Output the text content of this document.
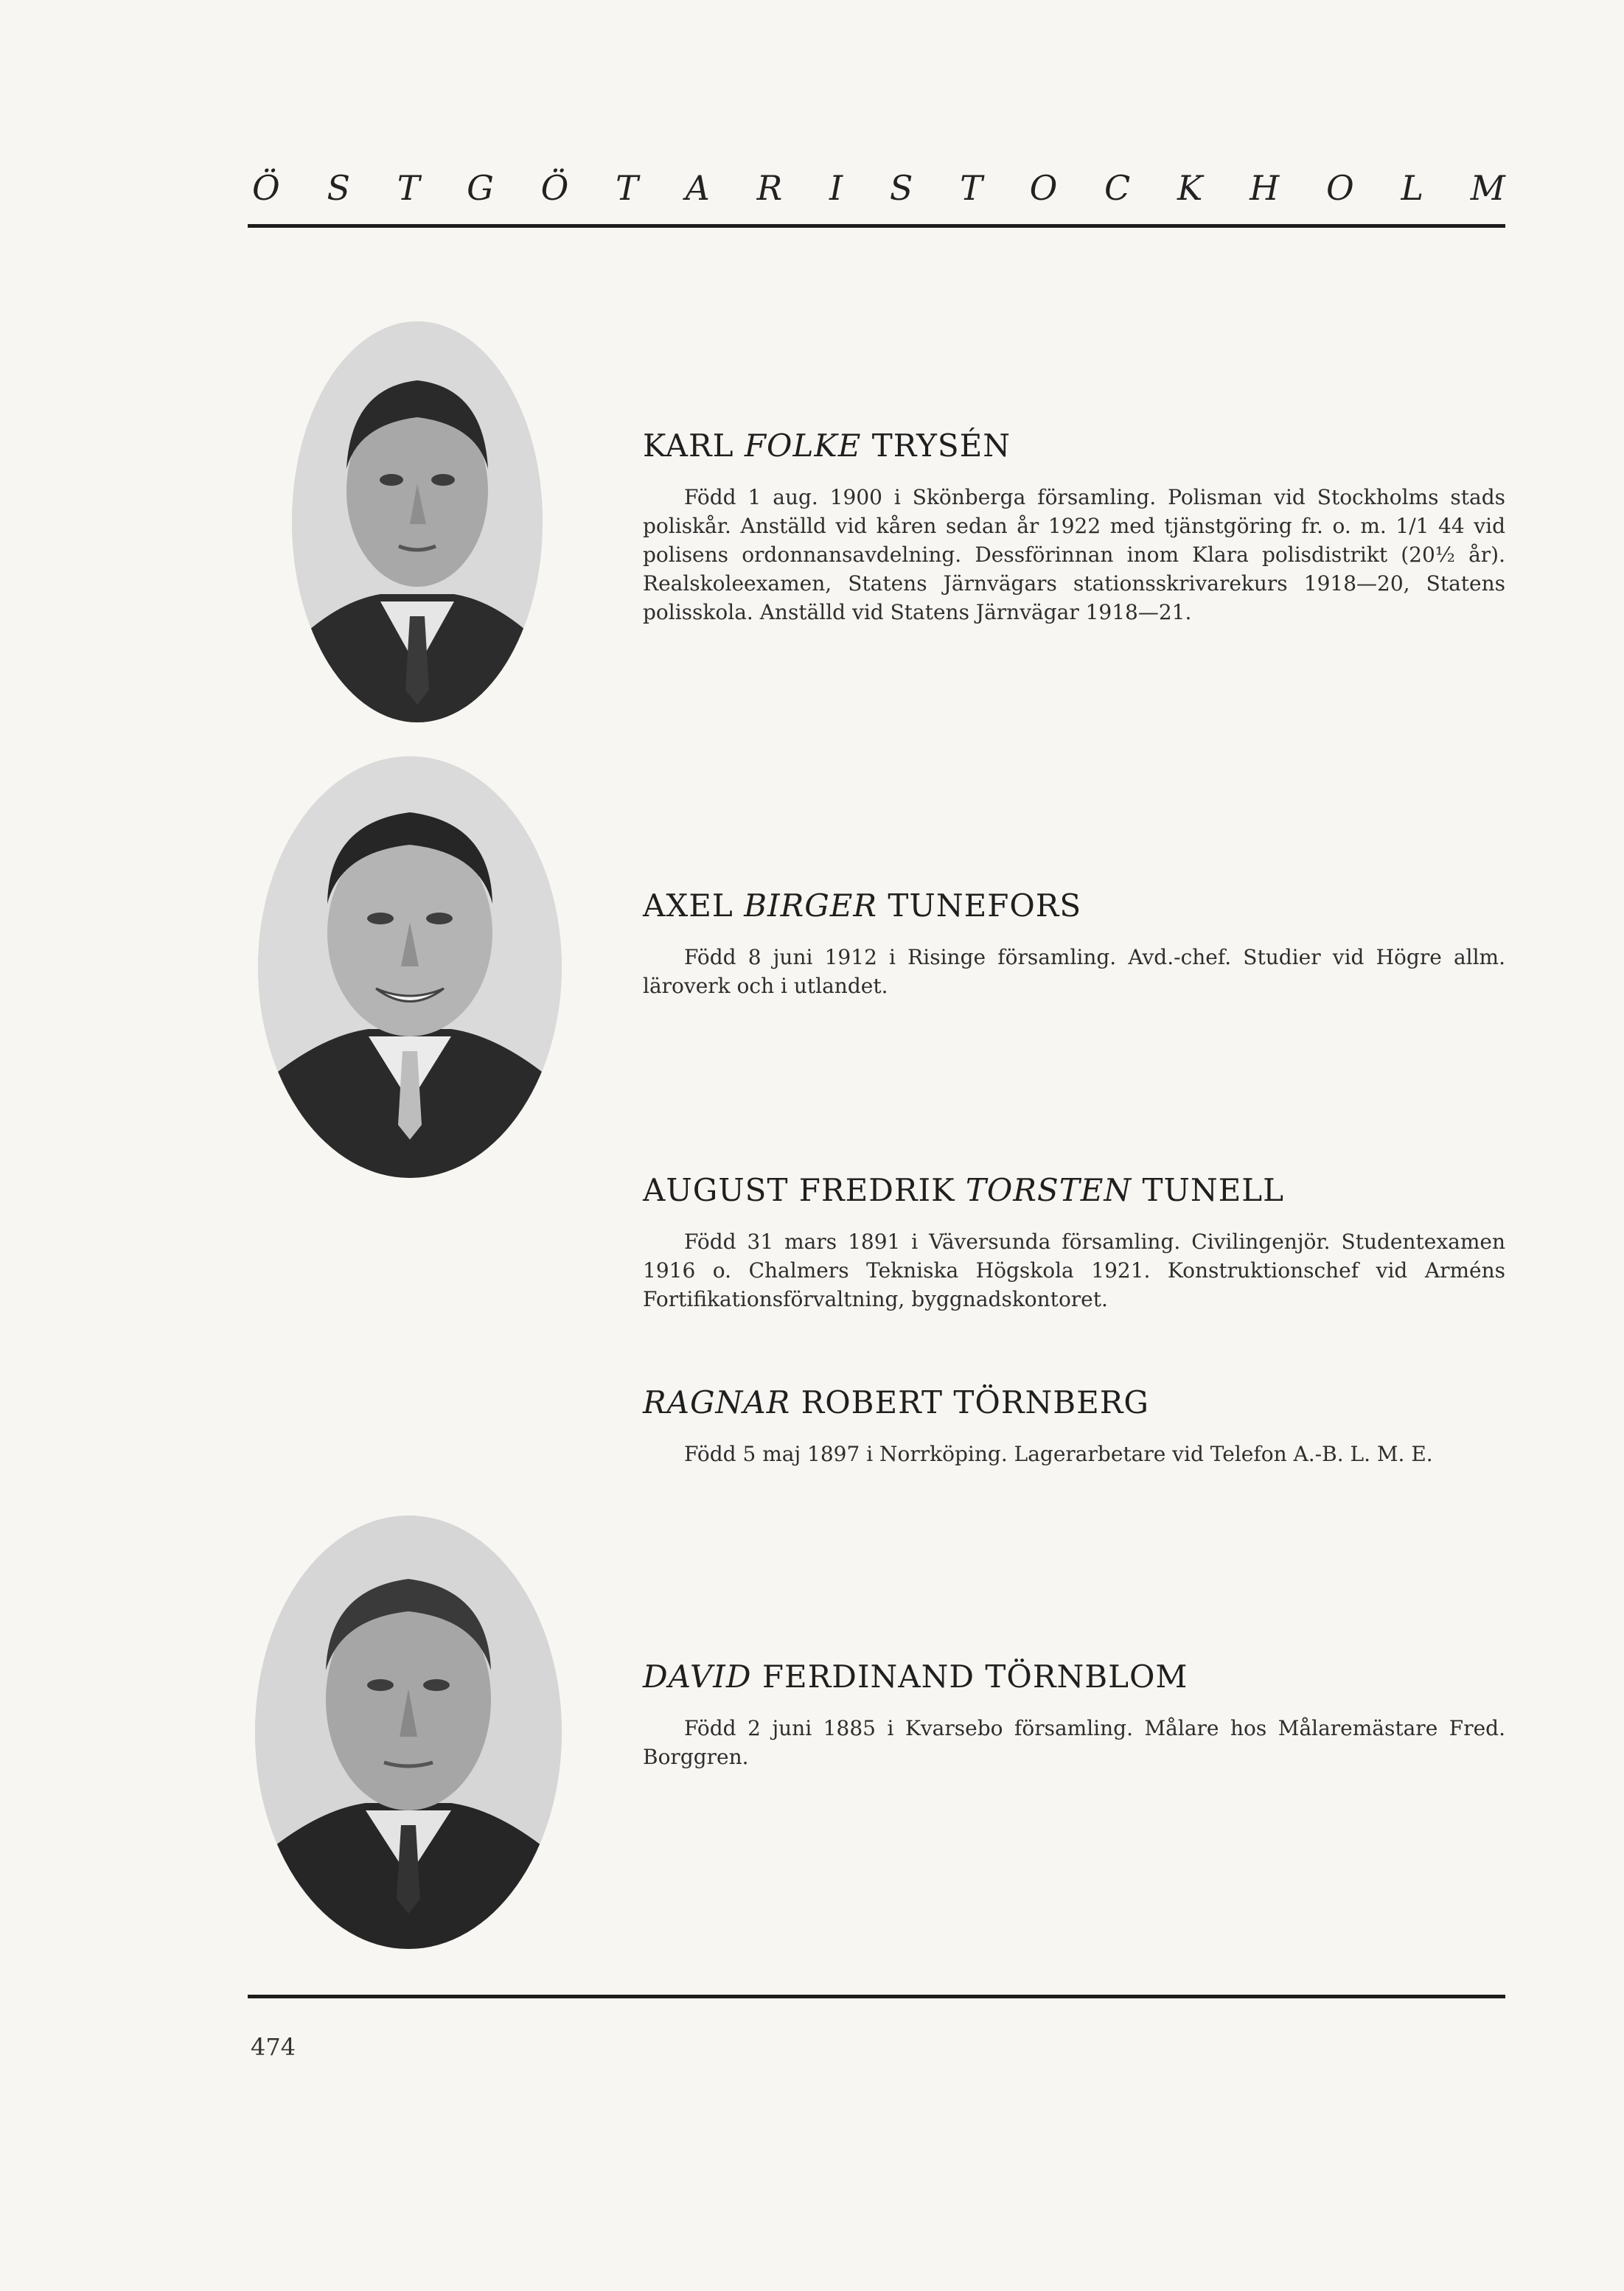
Ö S T G Ö T A R I S T O C K H O L M
KARL FOLKE TRYSÉN
Född 1 aug. 1900 i Skönberga församling. Polisman vid Stockholms stads poliskår. Anställd vid kåren sedan år 1922 med tjänstgöring fr. o. m. 1/1 44 vid polisens ordonnansavdelning. Dessförinnan inom Klara polisdistrikt (20½ år). Realskoleexamen, Statens Järnvägars stationsskrivarekurs 1918—20, Statens polisskola. Anställd vid Statens Järnvägar 1918—21.
AXEL BIRGER TUNEFORS
Född 8 juni 1912 i Risinge församling. Avd.-chef. Studier vid Högre allm. läroverk och i utlandet.
AUGUST FREDRIK TORSTEN TUNELL
Född 31 mars 1891 i Väversunda församling. Civilingenjör. Studentexamen 1916 o. Chalmers Tekniska Högskola 1921. Konstruktionschef vid Arméns Fortifikationsförvaltning, byggnadskontoret.
RAGNAR ROBERT TÖRNBERG
Född 5 maj 1897 i Norrköping. Lagerarbetare vid Telefon A.-B. L. M. E.
DAVID FERDINAND TÖRNBLOM
Född 2 juni 1885 i Kvarsebo församling. Målare hos Målaremästare Fred. Borggren.
474
